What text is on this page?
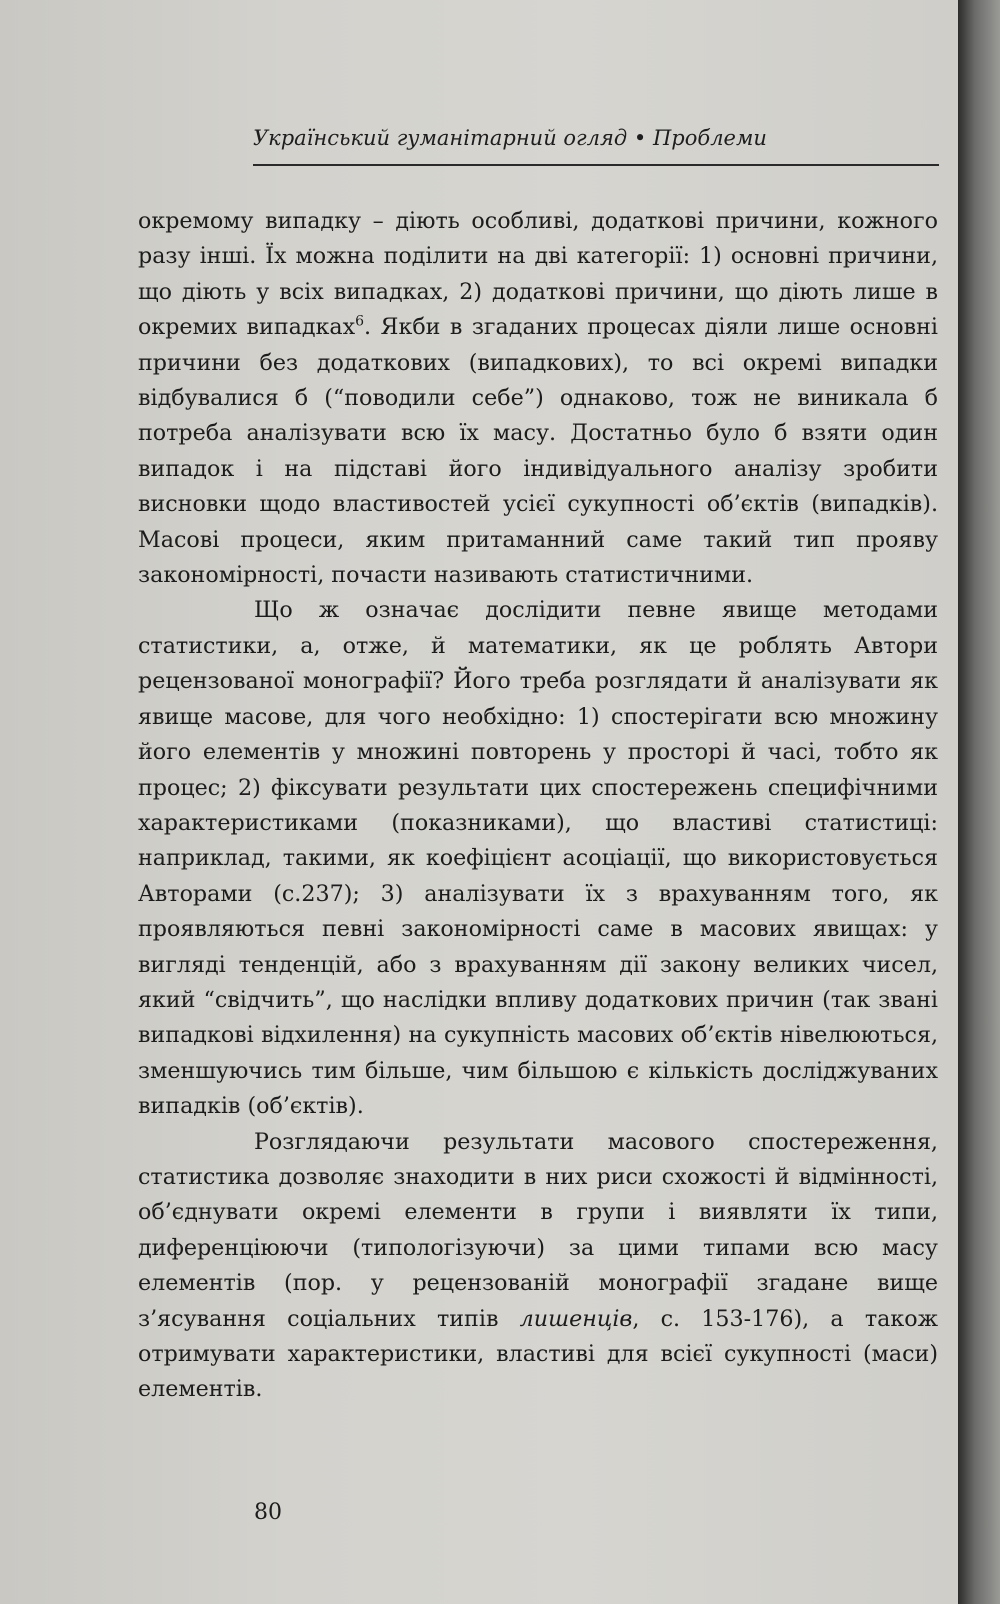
Український гуманітарний огляд • Проблеми

окремому випадку – діють особливі, додаткові причини, кожного разу інші. Їх можна поділити на дві категорії: 1) основні причини, що діють у всіх випадках, 2) додаткові причини, що діють лише в окремих випадках$^6$. Якби в згаданих процесах діяли лише основні причини без додаткових (випадкових), то всі окремі випадки відбувалися б (“поводили себе”) однаково, тож не виникала б потреба аналізувати всю їх масу. Достатньо було б взяти один випадок і на підставі його індивідуального аналізу зробити висновки щодо властивостей усієї сукупності об’єктів (випадків). Масові процеси, яким притаманний саме такий тип прояву закономірності, почасти називають статистичними.

Що ж означає дослідити певне явище методами статистики, а, отже, й математики, як це роблять Автори рецензованої монографії? Його треба розглядати й аналізувати як явище масове, для чого необхідно: 1) спостерігати всю множину його елементів у множині повторень у просторі й часі, тобто як процес; 2) фіксувати результати цих спостережень специфічними характеристиками (показниками), що властиві статистиці: наприклад, такими, як коефіцієнт асоціації, що використовується Авторами (с.237); 3) аналізувати їх з врахуванням того, як проявляються певні закономірності саме в масових явищах: у вигляді тенденцій, або з врахуванням дії закону великих чисел, який “свідчить”, що наслідки впливу додаткових причин (так звані випадкові відхилення) на сукупність масових об’єктів нівелюються, зменшуючись тим більше, чим більшою є кількість досліджуваних випадків (об’єктів).

Розглядаючи результати масового спостереження, статистика дозволяє знаходити в них риси схожості й відмінності, об’єднувати окремі елементи в групи і виявляти їх типи, диференціюючи (типологізуючи) за цими типами всю масу елементів (пор. у рецензованій монографії згадане вище з’ясування соціальних типів лишенців, с. 153-176), а також отримувати характеристики, властиві для всієї сукупності (маси) елементів.

80
